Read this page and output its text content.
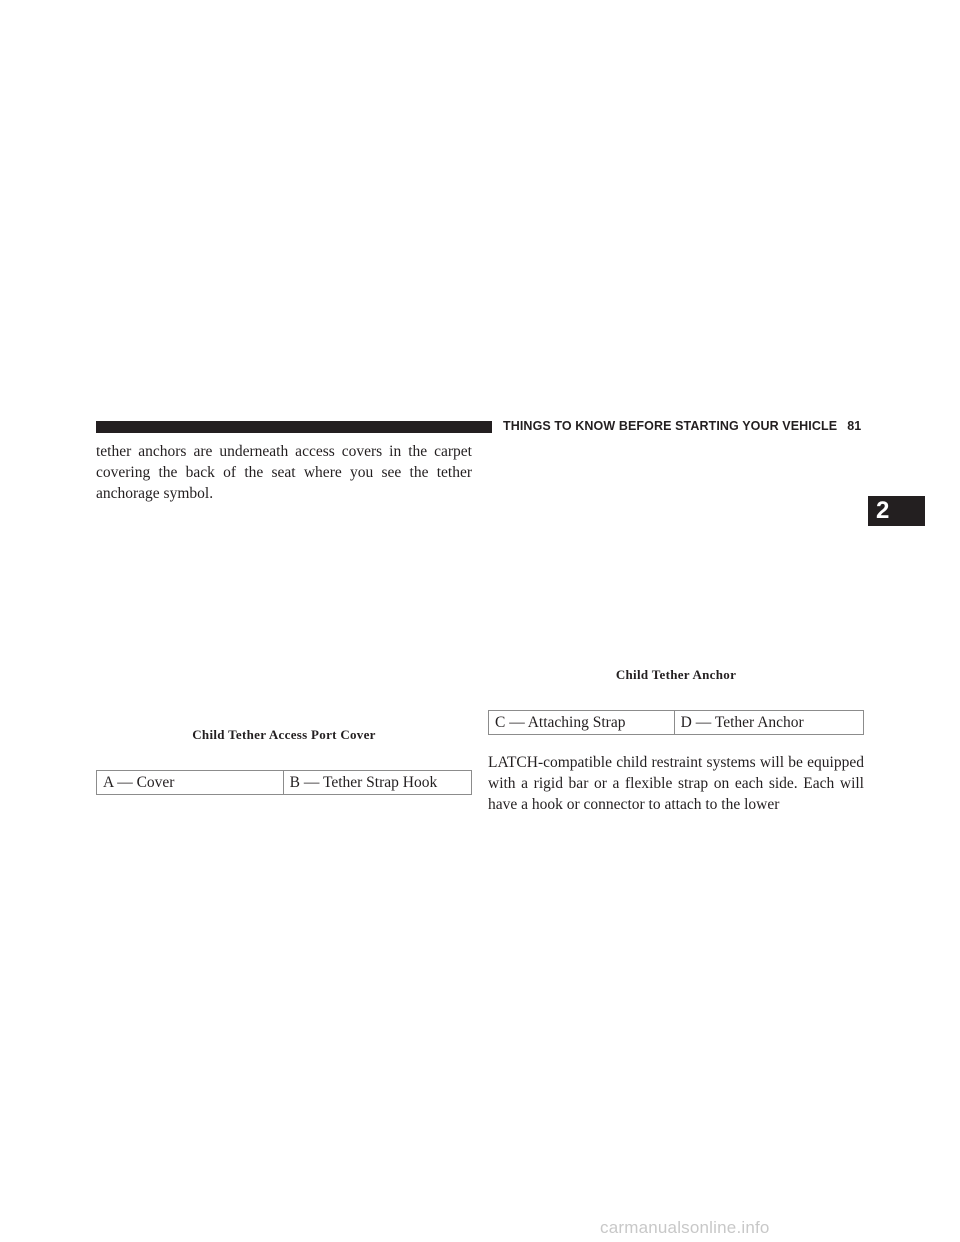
THINGS TO KNOW BEFORE STARTING YOUR VEHICLE 81
2

tether anchors are underneath access covers in the carpet covering the back of the seat where you see the tether anchorage symbol.

Child Tether Access Port Cover
A — Cover	B — Tether Strap Hook
Child Tether Anchor
C — Attaching Strap	D — Tether Anchor

LATCH-compatible child restraint systems will be equipped with a rigid bar or a flexible strap on each side. Each will have a hook or connector to attach to the lower

carmanualsonline.info
